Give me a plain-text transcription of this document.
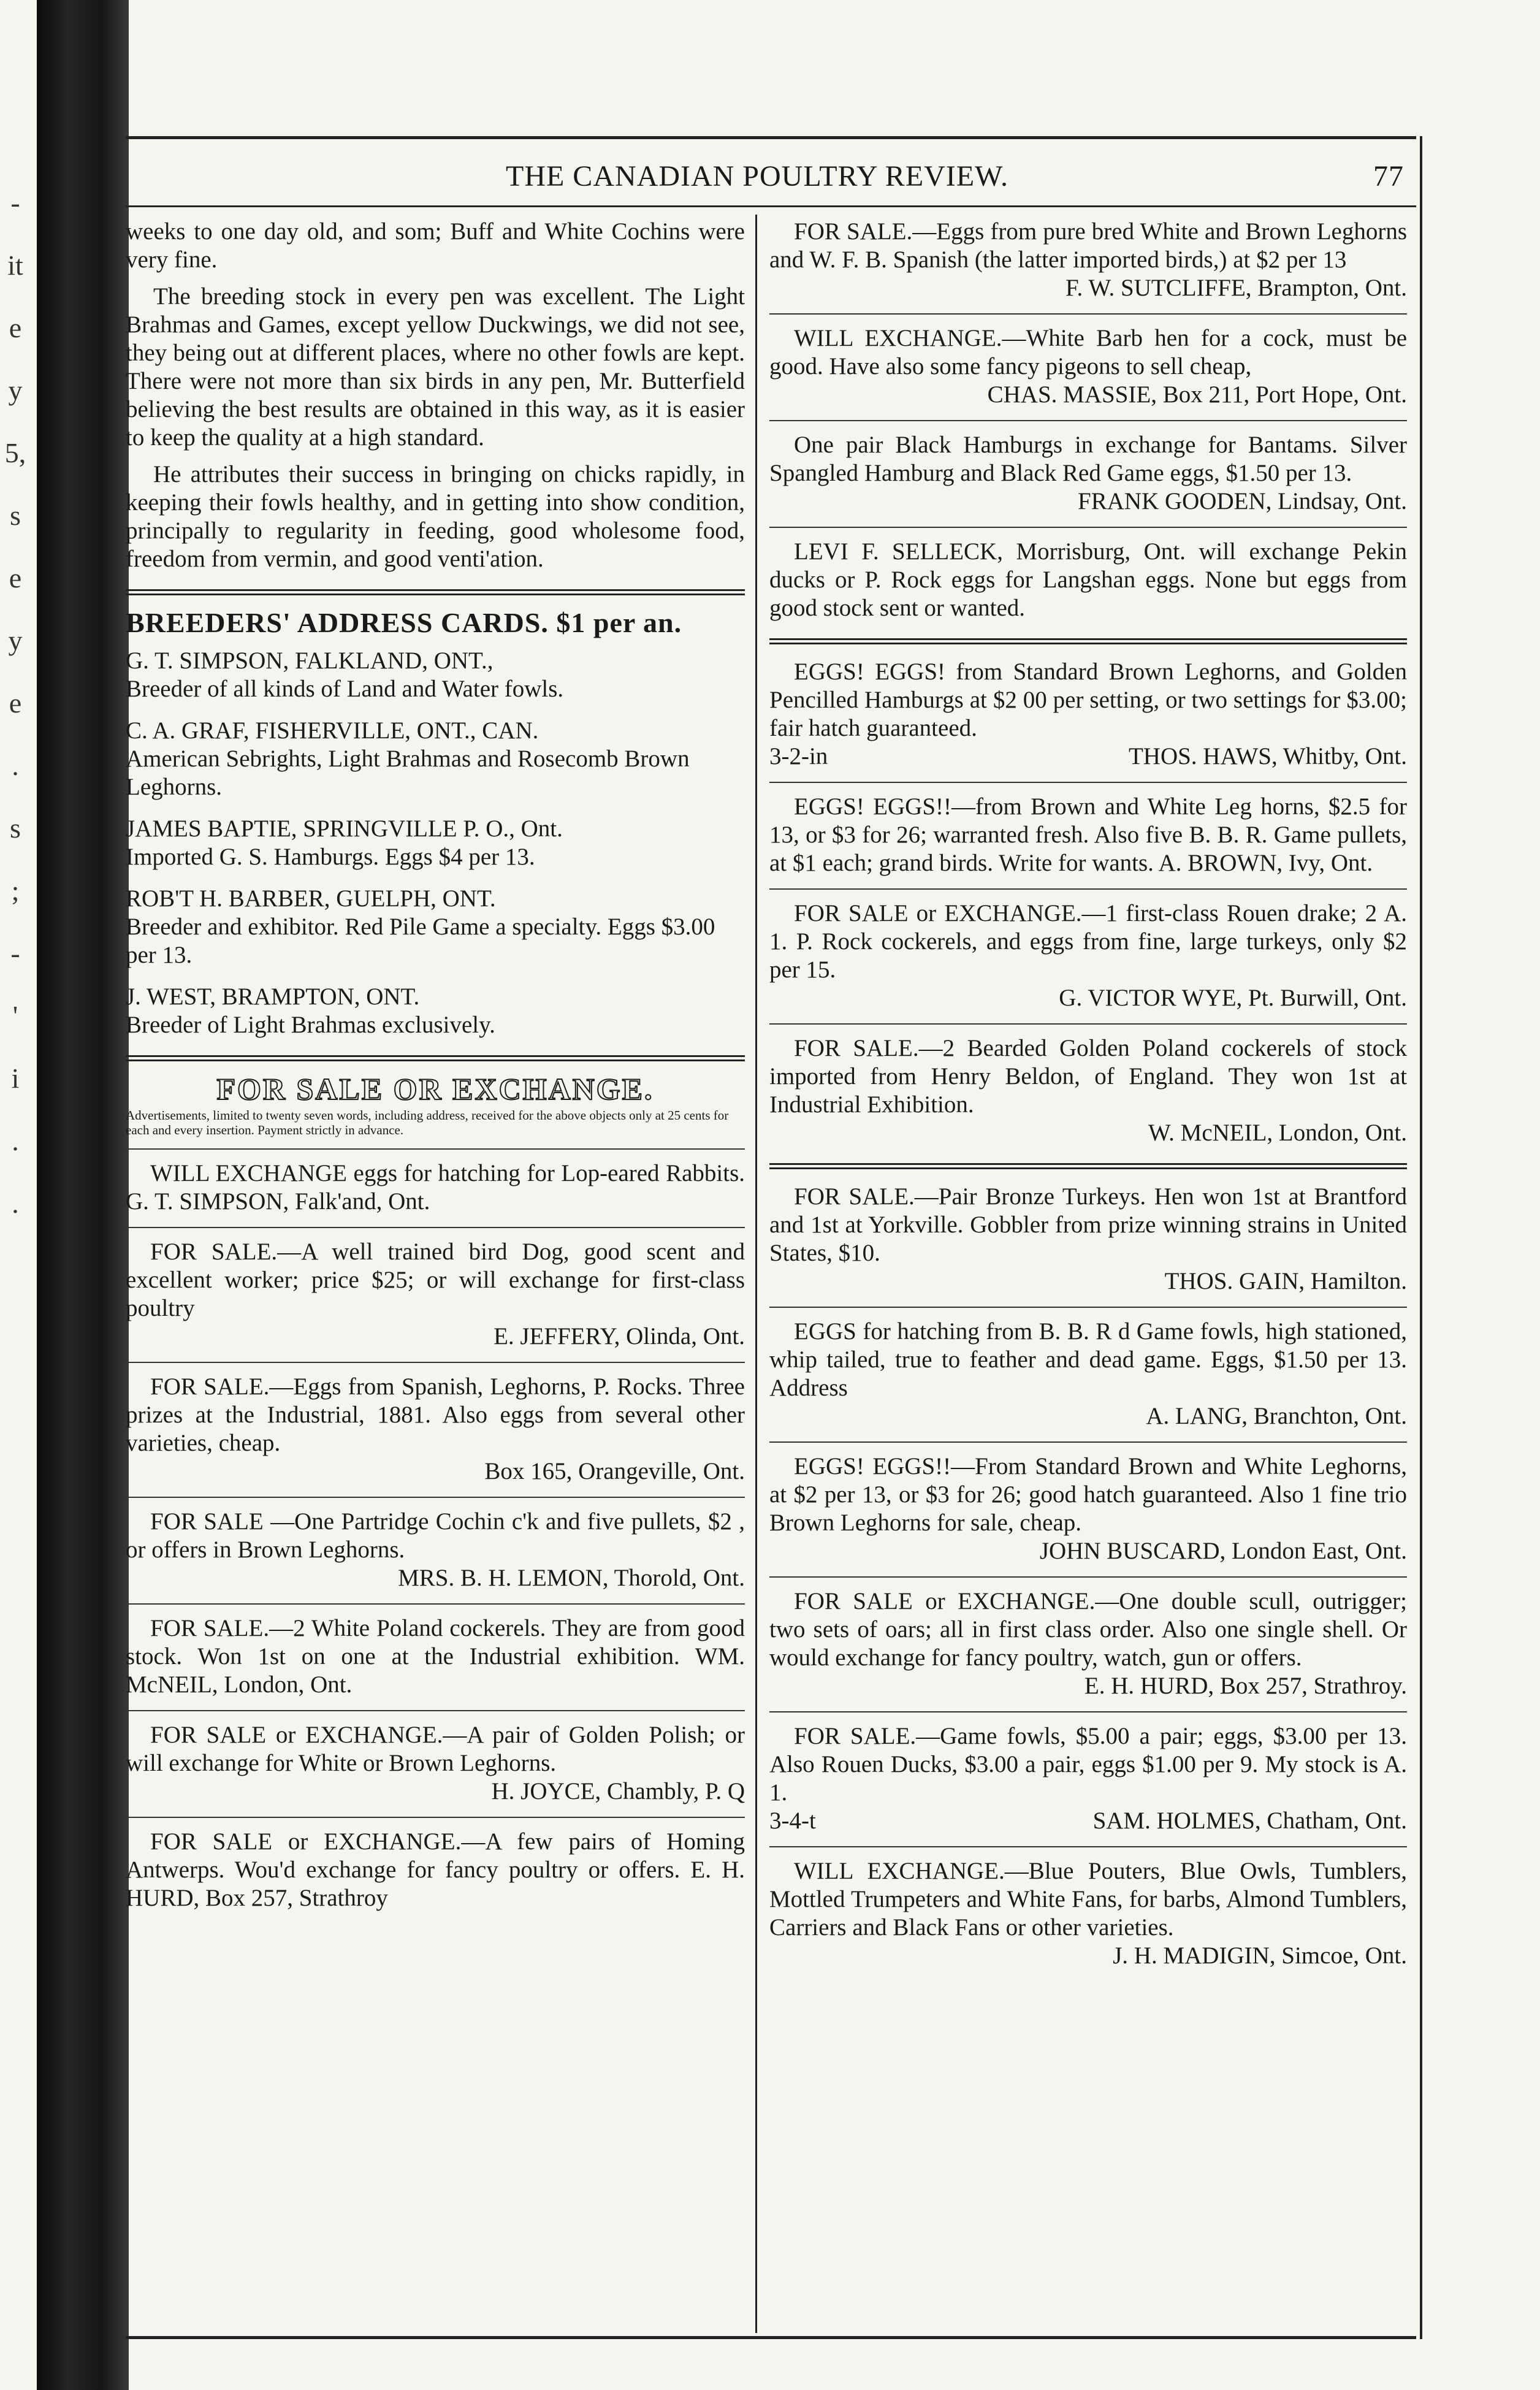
-
it
e
y
5,
s
e
y
e
.
s
;
-
'
i
.
.
THE CANADIAN POULTRY REVIEW.	77

weeks to one day old, and som; Buff and White Cochins were very fine.

The breeding stock in every pen was excellent. The Light Brahmas and Games, except yellow Duckwings, we did not see, they being out at different places, where no other fowls are kept. There were not more than six birds in any pen, Mr. Butterfield believing the best results are obtained in this way, as it is easier to keep the quality at a high standard.

He attributes their success in bringing on chicks rapidly, in keeping their fowls healthy, and in getting into show condition, principally to regularity in feeding, good wholesome food, freedom from vermin, and good venti'ation.

BREEDERS' ADDRESS CARDS. $1 per an.
G. T. SIMPSON, FALKLAND, ONT.,
Breeder of all kinds of Land and Water fowls.
C. A. GRAF, FISHERVILLE, ONT., CAN.
American Sebrights, Light Brahmas and Rosecomb Brown Leghorns.
JAMES BAPTIE, SPRINGVILLE P. O., Ont.
Imported G. S. Hamburgs. Eggs $4 per 13.
ROB'T H. BARBER, GUELPH, ONT.
Breeder and exhibitor. Red Pile Game a specialty. Eggs $3.00 per 13.
J. WEST, BRAMPTON, ONT.
Breeder of Light Brahmas exclusively.
FOR SALE OR EXCHANGE.
Advertisements, limited to twenty seven words, including address, received for the above objects only at 25 cents for each and every insertion. Payment strictly in advance.
WILL EXCHANGE eggs for hatching for Lop-eared Rabbits. G. T. SIMPSON, Falk'and, Ont.
FOR SALE.—A well trained bird Dog, good scent and excellent worker; price $25; or will exchange for first-class poultry
E. JEFFERY, Olinda, Ont.
FOR SALE.—Eggs from Spanish, Leghorns, P. Rocks. Three prizes at the Industrial, 1881. Also eggs from several other varieties, cheap.
Box 165, Orangeville, Ont.
FOR SALE —One Partridge Cochin c'k and five pullets, $2 , or offers in Brown Leghorns.
MRS. B. H. LEMON, Thorold, Ont.
FOR SALE.—2 White Poland cockerels. They are from good stock. Won 1st on one at the Industrial exhibition. WM. McNEIL, London, Ont.
FOR SALE or EXCHANGE.—A pair of Golden Polish; or will exchange for White or Brown Leghorns.
H. JOYCE, Chambly, P. Q
FOR SALE or EXCHANGE.—A few pairs of Homing Antwerps. Wou'd exchange for fancy poultry or offers. E. H. HURD, Box 257, Strathroy
FOR SALE.—Eggs from pure bred White and Brown Leghorns and W. F. B. Spanish (the latter imported birds,) at $2 per 13
F. W. SUTCLIFFE, Brampton, Ont.
WILL EXCHANGE.—White Barb hen for a cock, must be good. Have also some fancy pigeons to sell cheap,
CHAS. MASSIE, Box 211, Port Hope, Ont.
One pair Black Hamburgs in exchange for Bantams. Silver Spangled Hamburg and Black Red Game eggs, $1.50 per 13.
FRANK GOODEN, Lindsay, Ont.
LEVI F. SELLECK, Morrisburg, Ont. will exchange Pekin ducks or P. Rock eggs for Langshan eggs. None but eggs from good stock sent or wanted.
EGGS! EGGS! from Standard Brown Leghorns, and Golden Pencilled Hamburgs at $2 00 per setting, or two settings for $3.00; fair hatch guaranteed.
3-2-in	THOS. HAWS, Whitby, Ont.
EGGS! EGGS!!—from Brown and White Leg horns, $2.5 for 13, or $3 for 26; warranted fresh. Also five B. B. R. Game pullets, at $1 each; grand birds. Write for wants. A. BROWN, Ivy, Ont.
FOR SALE or EXCHANGE.—1 first-class Rouen drake; 2 A. 1. P. Rock cockerels, and eggs from fine, large turkeys, only $2 per 15.
G. VICTOR WYE, Pt. Burwill, Ont.
FOR SALE.—2 Bearded Golden Poland cockerels of stock imported from Henry Beldon, of England. They won 1st at Industrial Exhibition.
W. McNEIL, London, Ont.
FOR SALE.—Pair Bronze Turkeys. Hen won 1st at Brantford and 1st at Yorkville. Gobbler from prize winning strains in United States, $10.
THOS. GAIN, Hamilton.
EGGS for hatching from B. B. R d Game fowls, high stationed, whip tailed, true to feather and dead game. Eggs, $1.50 per 13. Address
A. LANG, Branchton, Ont.
EGGS! EGGS!!—From Standard Brown and White Leghorns, at $2 per 13, or $3 for 26; good hatch guaranteed. Also 1 fine trio Brown Leghorns for sale, cheap.
JOHN BUSCARD, London East, Ont.
FOR SALE or EXCHANGE.—One double scull, outrigger; two sets of oars; all in first class order. Also one single shell. Or would exchange for fancy poultry, watch, gun or offers.
E. H. HURD, Box 257, Strathroy.
FOR SALE.—Game fowls, $5.00 a pair; eggs, $3.00 per 13. Also Rouen Ducks, $3.00 a pair, eggs $1.00 per 9. My stock is A. 1.
3-4-t	SAM. HOLMES, Chatham, Ont.
WILL EXCHANGE.—Blue Pouters, Blue Owls, Tumblers, Mottled Trumpeters and White Fans, for barbs, Almond Tumblers, Carriers and Black Fans or other varieties.
J. H. MADIGIN, Simcoe, Ont.
